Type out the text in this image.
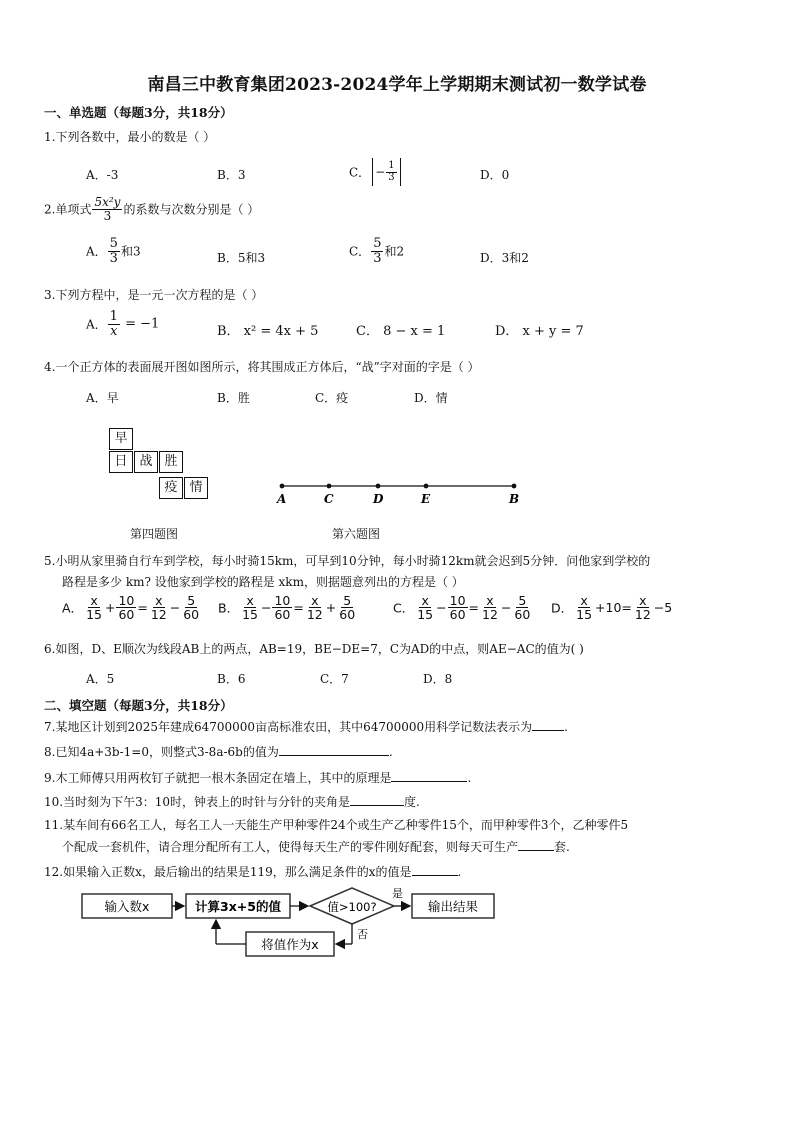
南昌三中教育集团2023-2024学年上学期期末测试初一数学试卷
一、单选题（每题3分，共18分）
1.下列各数中，最小的数是（ ）
A．-3	B．3	C． − $\frac{1}{3}$	D．0
2.单项式 $\frac{\text{5x²y}}{3}$ 的系数与次数分别是（ ）
A． $\frac{5}{3}$ 和3	B．5和3	C． $\frac{5}{3}$ 和2	D．3和2
3.下列方程中，是一元一次方程的是（ ）
A． $\frac{1}{x} = -1$	B． x² = 4x + 5	C． 8 − x = 1	D． x + y = 7
4.一个正方体的表面展开图如图所示，将其围成正方体后，“战”字对面的字是（ ）
A．早	B．胜	C．疫	D．情
早
日 战 胜
疫 情
A	C	D	E	B
第四题图	第六题图
5.小明从家里骑自行车到学校，每小时骑15km，可早到10分钟，每小时骑12km就会迟到5分钟．问他家到学校的
路程是多少 km? 设他家到学校的路程是 xkm，则据题意列出的方程是（ ）
A． $\frac{x}{15} + \frac{10}{60} = \frac{x}{12} - \frac{5}{60}$ B． $\frac{x}{15} - \frac{10}{60} = \frac{x}{12} + \frac{5}{60}$	C． $\frac{x}{15} - \frac{10}{60} = \frac{x}{12} - \frac{5}{60}$ D． $\frac{x}{15} +10= \frac{x}{12} -5$
6.如图，D、E顺次为线段AB上的两点，AB=19，BE−DE=7，C为AD的中点，则AE−AC的值为( )
A．5	B．6	C．7	D．8
二、填空题（每题3分，共18分）
7.某地区计划到2025年建成64700000亩高标准农田，其中64700000用科学记数法表示为	.
8.已知4a+3b-1=0，则整式3-8a-6b的值为	.
9.木工师傅只用两枚钉子就把一根木条固定在墙上，其中的原理是	.
10.当时刻为下午3：10时，钟表上的时针与分针的夹角是	度.
11.某车间有66名工人，每名工人一天能生产甲种零件24个或生产乙种零件15个，而甲种零件3个，乙种零件5
个配成一套机件，请合理分配所有工人，使得每天生产的零件刚好配套，则每天可生产	套.
12.如果输入正数x，最后输出的结果是119，那么满足条件的x的值是	.
输入数x	计算3x+5的值	值>100?
是
输出结果
否
将值作为x
